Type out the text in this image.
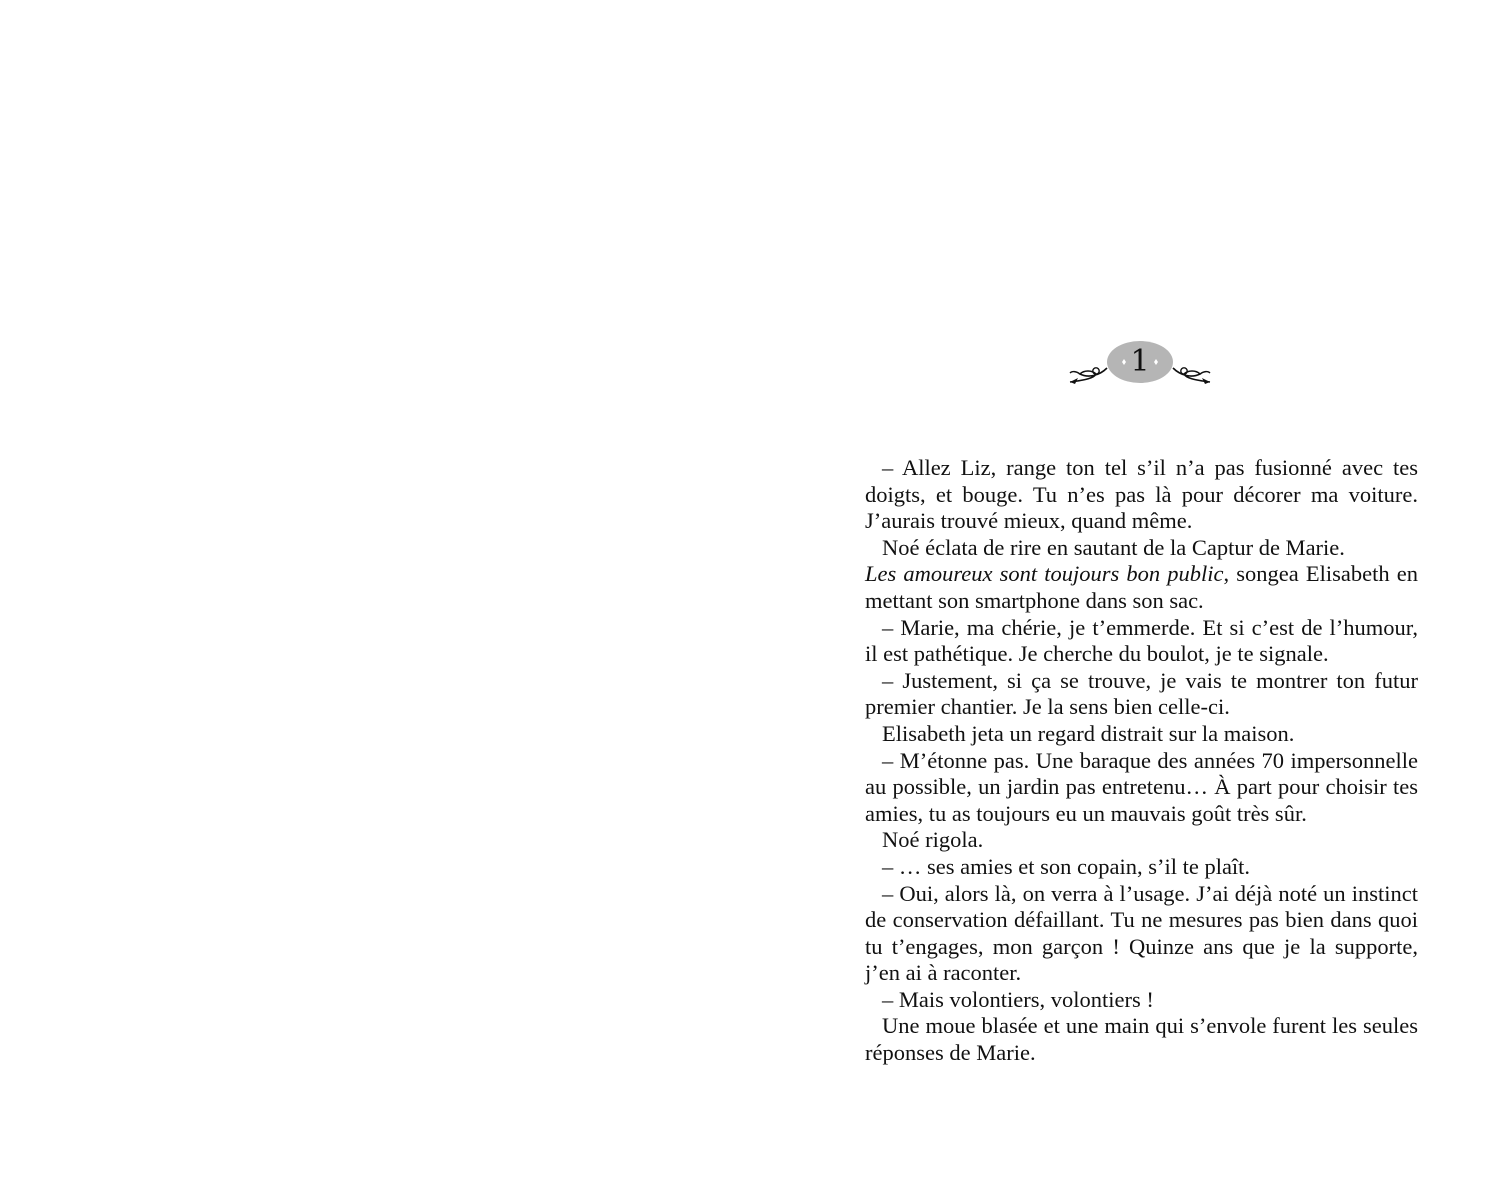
1

– Allez Liz, range ton tel s’il n’a pas fusionné avec tes doigts, et bouge. Tu n’es pas là pour décorer ma voiture. J’aurais trouvé mieux, quand même.

Noé éclata de rire en sautant de la Captur de Marie.

Les amoureux sont toujours bon public, songea Elisabeth en mettant son smartphone dans son sac.

– Marie, ma chérie, je t’emmerde. Et si c’est de l’humour, il est pathétique. Je cherche du boulot, je te signale.

– Justement, si ça se trouve, je vais te montrer ton futur premier chantier. Je la sens bien celle-ci.

Elisabeth jeta un regard distrait sur la maison.

– M’étonne pas. Une baraque des années 70 impersonnelle au possible, un jardin pas entretenu… À part pour choisir tes amies, tu as toujours eu un mauvais goût très sûr.

Noé rigola.

– … ses amies et son copain, s’il te plaît.

– Oui, alors là, on verra à l’usage. J’ai déjà noté un instinct de conservation défaillant. Tu ne mesures pas bien dans quoi tu t’engages, mon garçon ! Quinze ans que je la supporte, j’en ai à raconter.

– Mais volontiers, volontiers !

Une moue blasée et une main qui s’envole furent les seules réponses de Marie.
